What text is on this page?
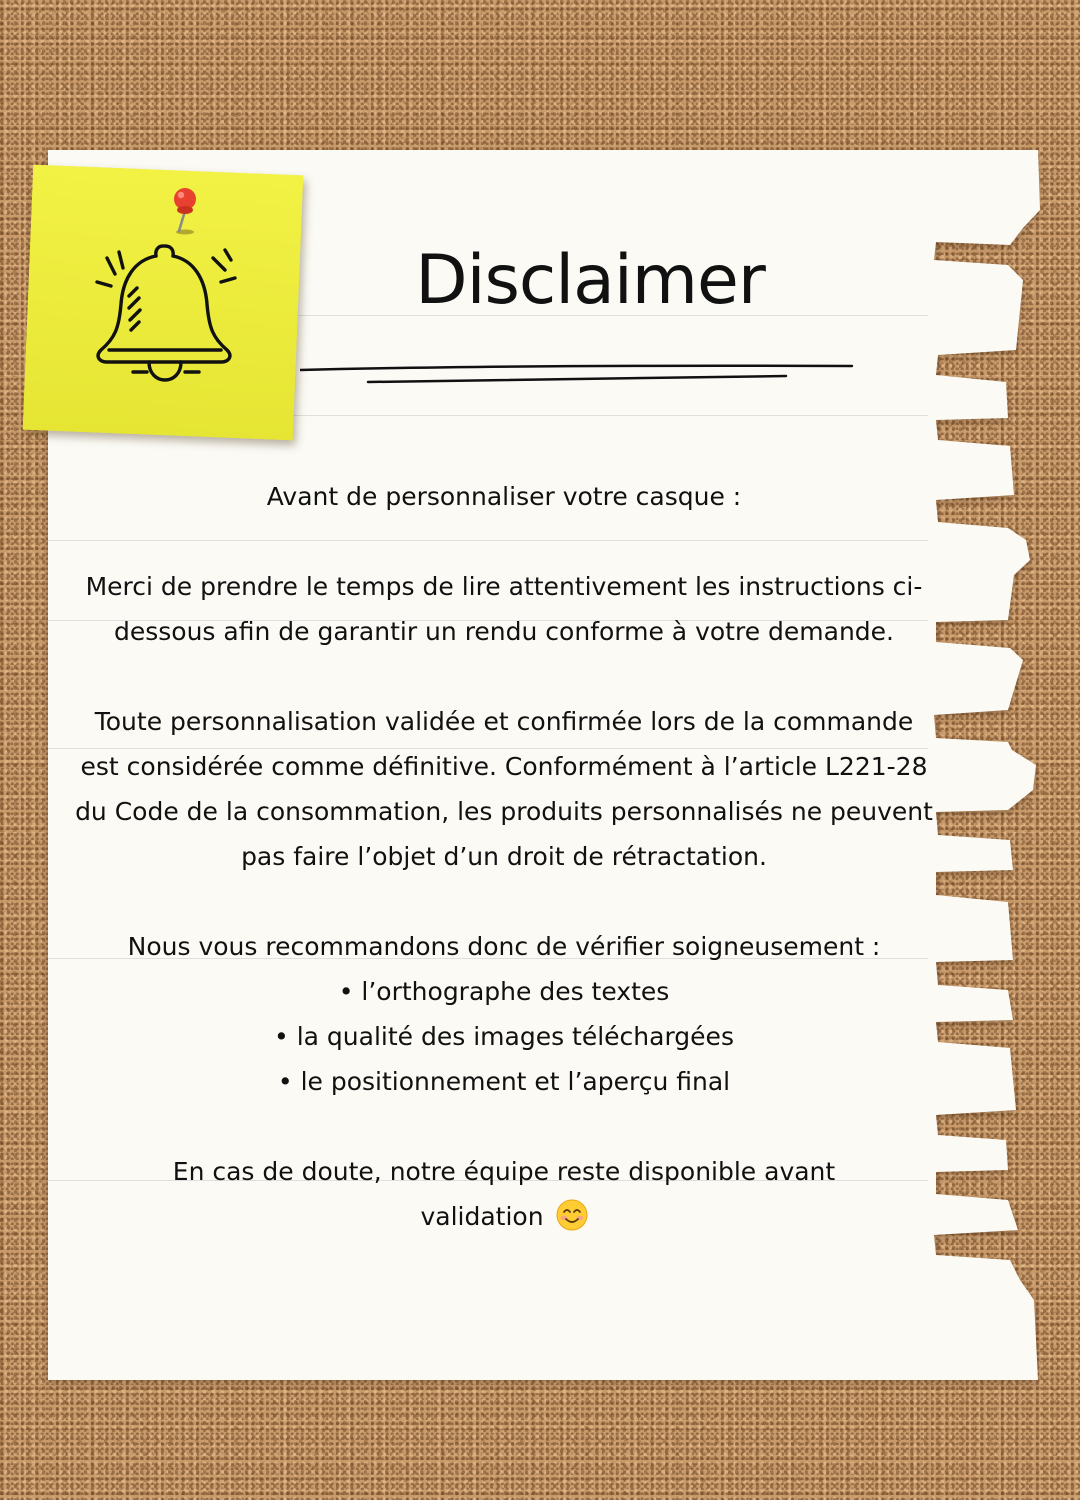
Disclaimer

Avant de personnaliser votre casque :

Merci de prendre le temps de lire attentivement les instructions ci-dessous afin de garantir un rendu conforme à votre demande.

Toute personnalisation validée et confirmée lors de la commande est considérée comme définitive. Conformément à l’article L221-28 du Code de la consommation, les produits personnalisés ne peuvent pas faire l’objet d’un droit de rétractation.

Nous vous recommandons donc de vérifier soigneusement :

• l’orthographe des textes
• la qualité des images téléchargées
• le positionnement et l’aperçu final

En cas de doute, notre équipe reste disponible avant validation
